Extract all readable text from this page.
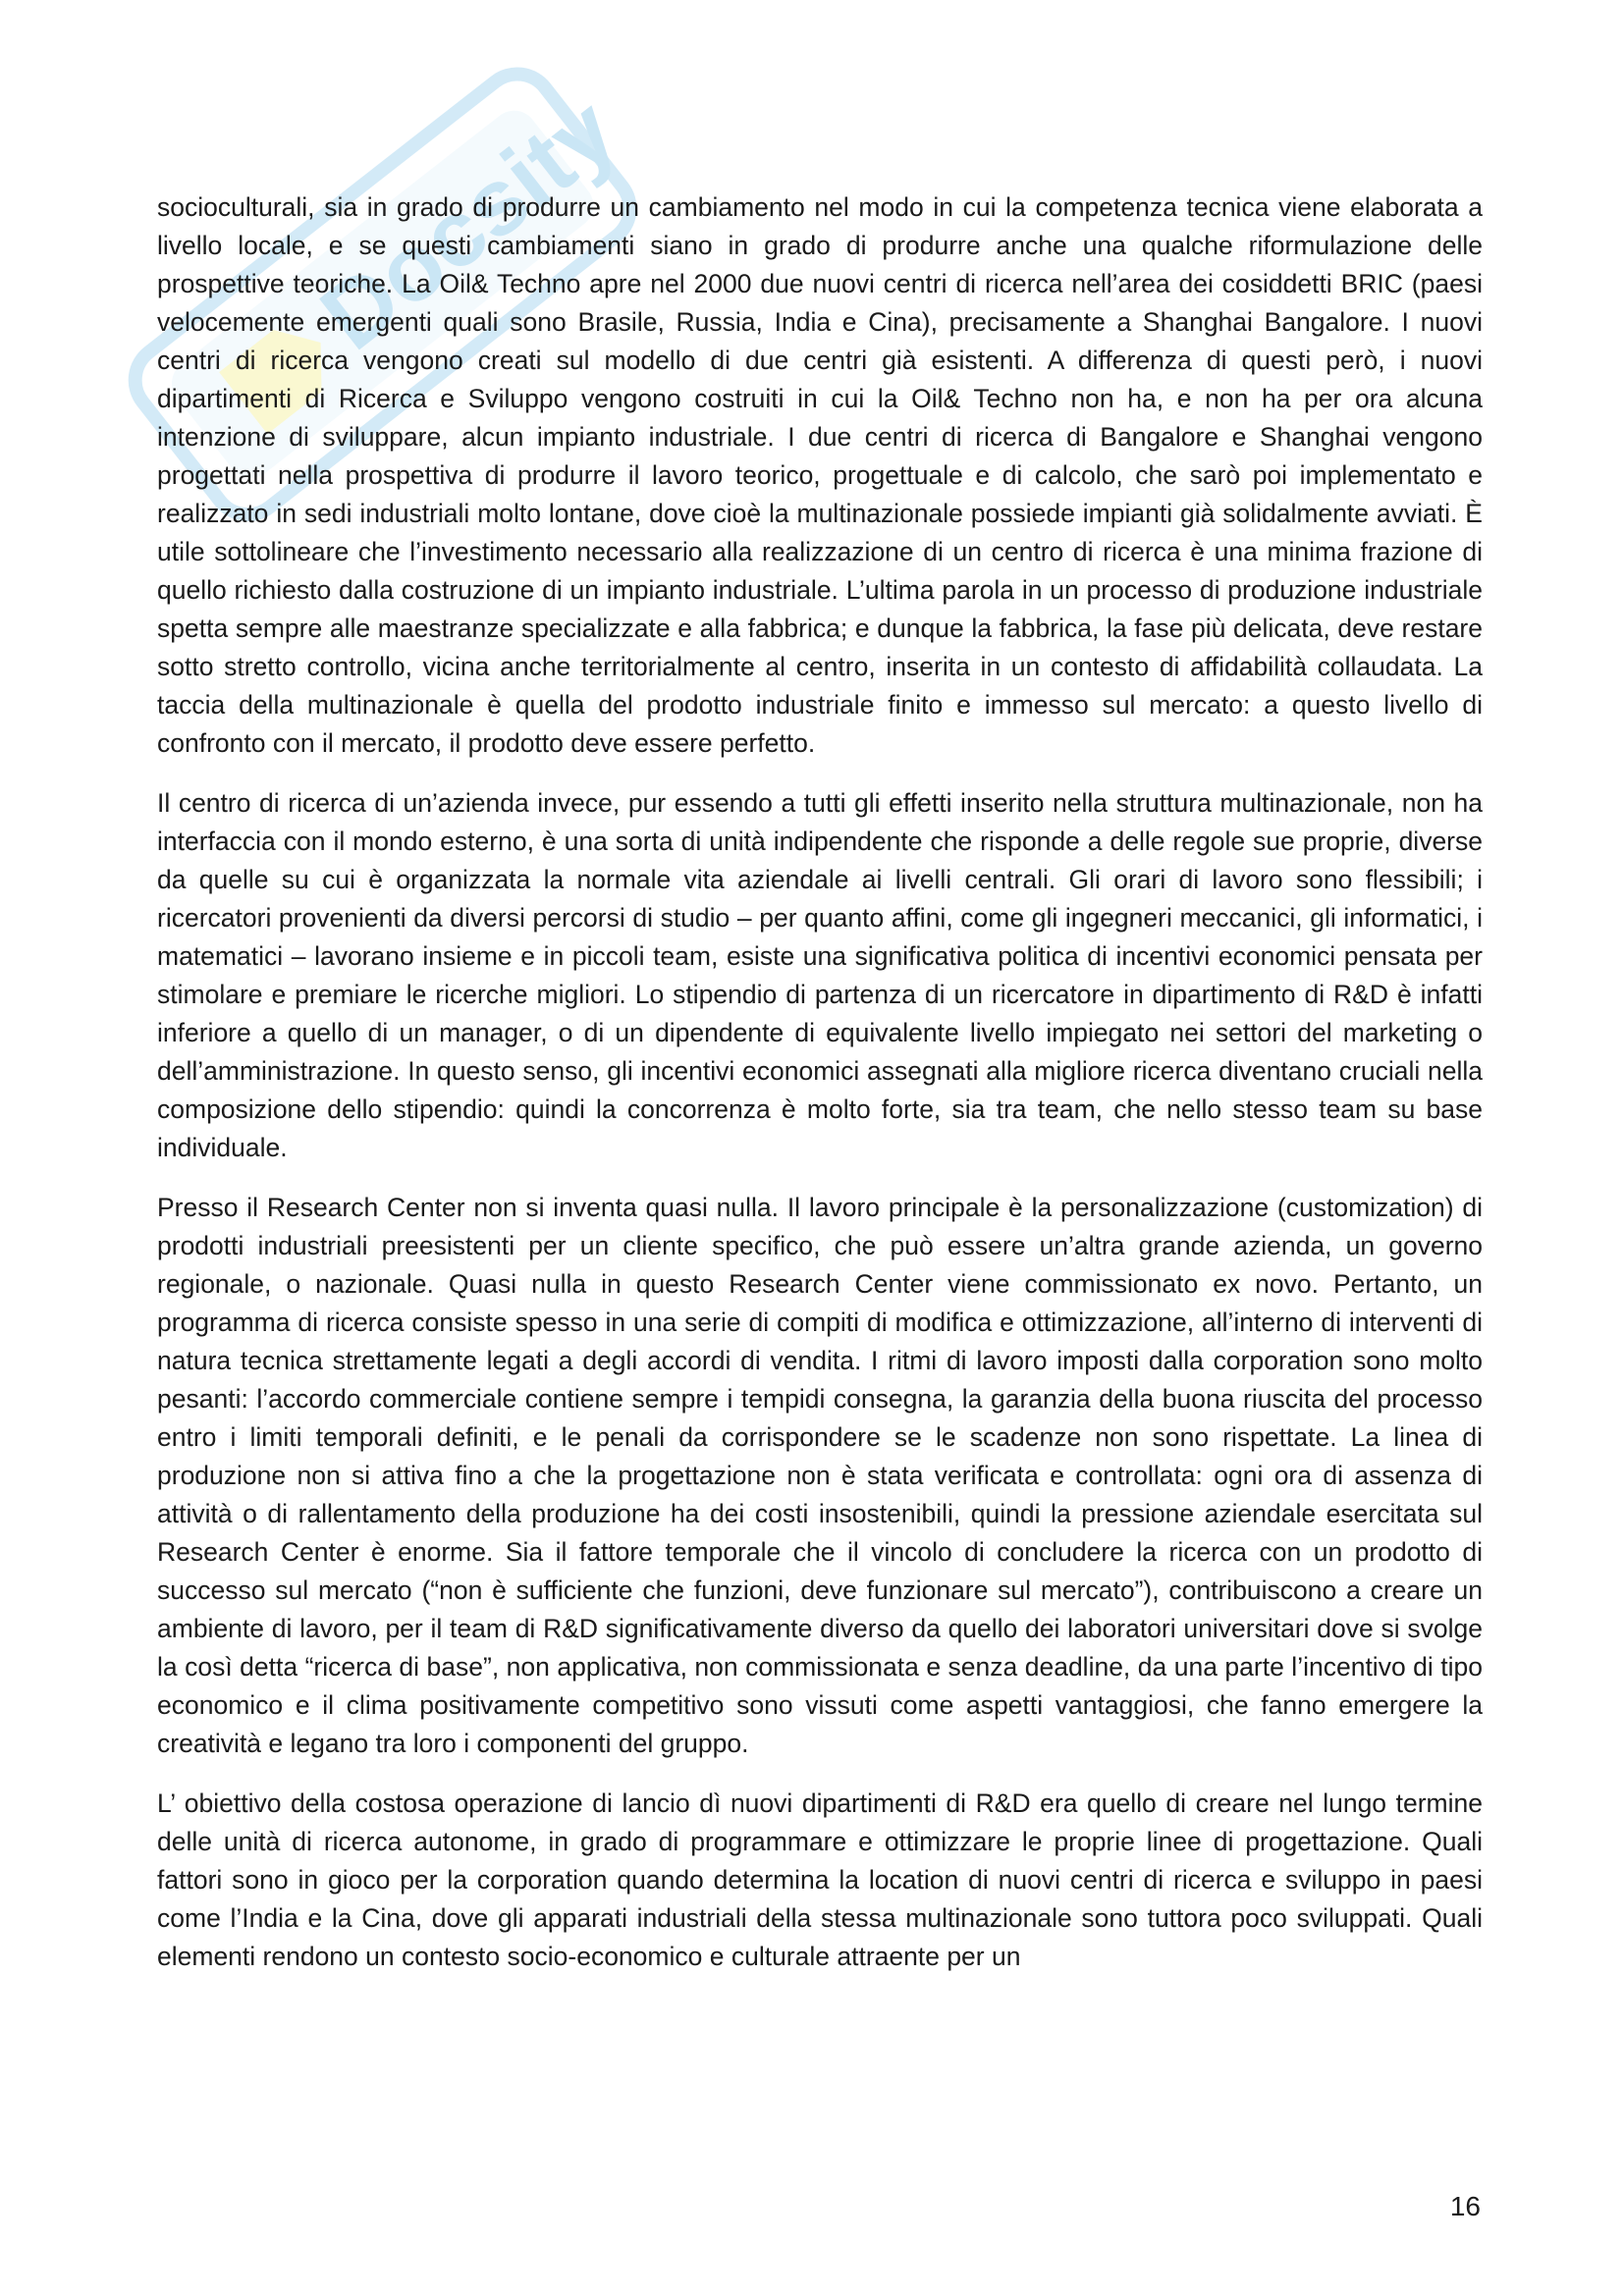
Docsity

socioculturali, sia in grado di produrre un cambiamento nel modo in cui la competenza tecnica viene elaborata a livello locale, e se questi cambiamenti siano in grado di produrre anche una qualche riformulazione delle prospettive teoriche. La Oil& Techno apre nel 2000 due nuovi centri di ricerca nell’area dei cosiddetti BRIC (paesi velocemente emergenti quali sono Brasile, Russia, India e Cina), precisamente a Shanghai Bangalore. I nuovi centri di ricerca vengono creati sul modello di due centri già esistenti. A differenza di questi però, i nuovi dipartimenti di Ricerca e Sviluppo vengono costruiti in cui la Oil& Techno non ha, e non ha per ora alcuna intenzione di sviluppare, alcun impianto industriale. I due centri di ricerca di Bangalore e Shanghai vengono progettati nella prospettiva di produrre il lavoro teorico, progettuale e di calcolo, che sarò poi implementato e realizzato in sedi industriali molto lontane, dove cioè la multinazionale possiede impianti già solidalmente avviati. È utile sottolineare che l’investimento necessario alla realizzazione di un centro di ricerca è una minima frazione di quello richiesto dalla costruzione di un impianto industriale. L’ultima parola in un processo di produzione industriale spetta sempre alle maestranze specializzate e alla fabbrica; e dunque la fabbrica, la fase più delicata, deve restare sotto stretto controllo, vicina anche territorialmente al centro, inserita in un contesto di affidabilità collaudata. La taccia della multinazionale è quella del prodotto industriale finito e immesso sul mercato: a questo livello di confronto con il mercato, il prodotto deve essere perfetto.

Il centro di ricerca di un’azienda invece, pur essendo a tutti gli effetti inserito nella struttura multinazionale, non ha interfaccia con il mondo esterno, è una sorta di unità indipendente che risponde a delle regole sue proprie, diverse da quelle su cui è organizzata la normale vita aziendale ai livelli centrali. Gli orari di lavoro sono flessibili; i ricercatori provenienti da diversi percorsi di studio – per quanto affini, come gli ingegneri meccanici, gli informatici, i matematici – lavorano insieme e in piccoli team, esiste una significativa politica di incentivi economici pensata per stimolare e premiare le ricerche migliori. Lo stipendio di partenza di un ricercatore in dipartimento di R&D è infatti inferiore a quello di un manager, o di un dipendente di equivalente livello impiegato nei settori del marketing o dell’amministrazione. In questo senso, gli incentivi economici assegnati alla migliore ricerca diventano cruciali nella composizione dello stipendio: quindi la concorrenza è molto forte, sia tra team, che nello stesso team su base individuale.

Presso il Research Center non si inventa quasi nulla. Il lavoro principale è la personalizzazione (customization) di prodotti industriali preesistenti per un cliente specifico, che può essere un’altra grande azienda, un governo regionale, o nazionale. Quasi nulla in questo Research Center viene commissionato ex novo. Pertanto, un programma di ricerca consiste spesso in una serie di compiti di modifica e ottimizzazione, all’interno di interventi di natura tecnica strettamente legati a degli accordi di vendita. I ritmi di lavoro imposti dalla corporation sono molto pesanti: l’accordo commerciale contiene sempre i tempidi consegna, la garanzia della buona riuscita del processo entro i limiti temporali definiti, e le penali da corrispondere se le scadenze non sono rispettate. La linea di produzione non si attiva fino a che la progettazione non è stata verificata e controllata: ogni ora di assenza di attività o di rallentamento della produzione ha dei costi insostenibili, quindi la pressione aziendale esercitata sul Research Center è enorme. Sia il fattore temporale che il vincolo di concludere la ricerca con un prodotto di successo sul mercato (“non è sufficiente che funzioni, deve funzionare sul mercato”), contribuiscono a creare un ambiente di lavoro, per il team di R&D significativamente diverso da quello dei laboratori universitari dove si svolge la così detta “ricerca di base”, non applicativa, non commissionata e senza deadline, da una parte l’incentivo di tipo economico e il clima positivamente competitivo sono vissuti come aspetti vantaggiosi, che fanno emergere la creatività e legano tra loro i componenti del gruppo.

L’ obiettivo della costosa operazione di lancio dì nuovi dipartimenti di R&D era quello di creare nel lungo termine delle unità di ricerca autonome, in grado di programmare e ottimizzare le proprie linee di progettazione. Quali fattori sono in gioco per la corporation quando determina la location di nuovi centri di ricerca e sviluppo in paesi come l’India e la Cina, dove gli apparati industriali della stessa multinazionale sono tuttora poco sviluppati. Quali elementi rendono un contesto socio-economico e culturale attraente per un

16
